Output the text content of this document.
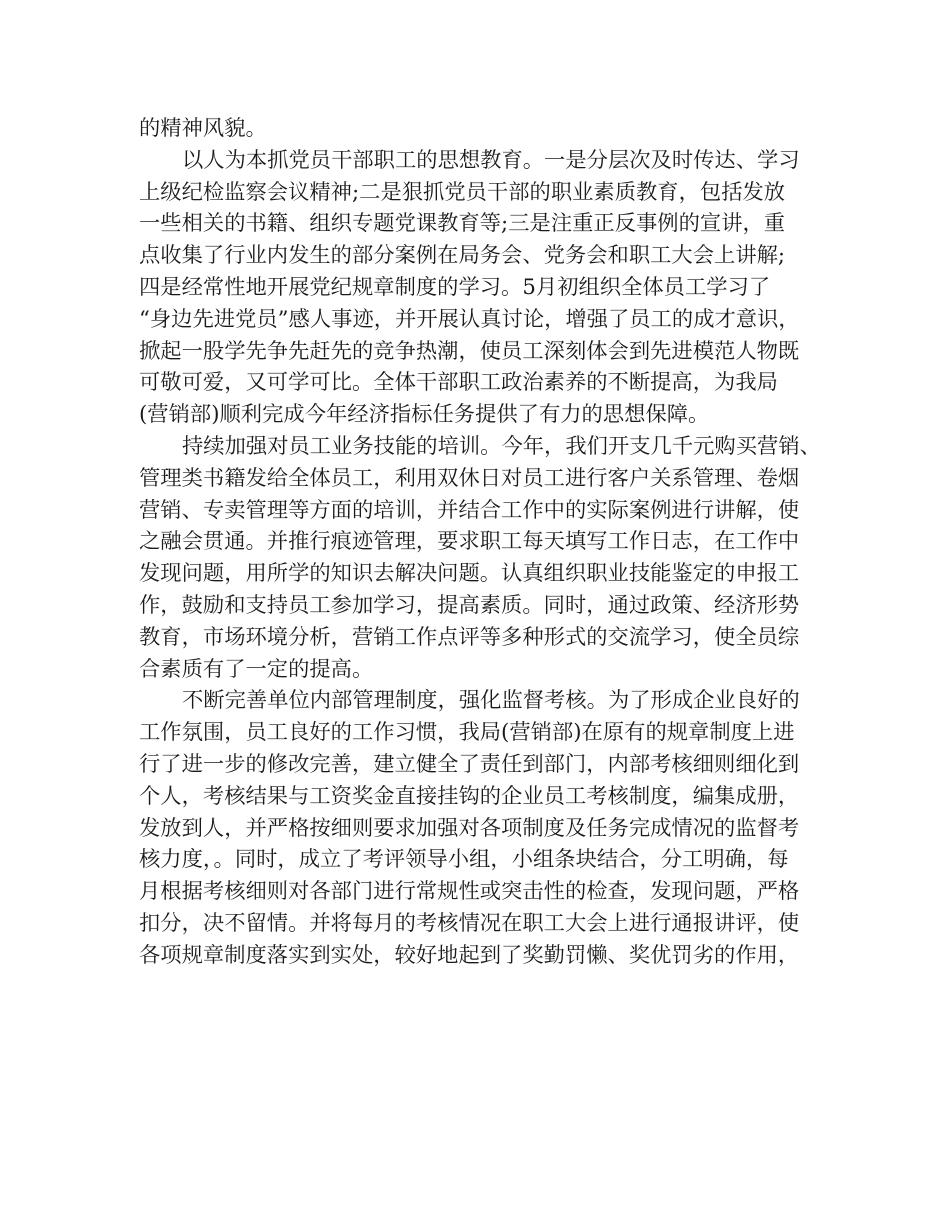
的精神风貌。
以人为本抓党员干部职工的思想教育。一是分层次及时传达、学习
上级纪检监察会议精神;二是狠抓党员干部的职业素质教育，包括发放
一些相关的书籍、组织专题党课教育等;三是注重正反事例的宣讲，重
点收集了行业内发生的部分案例在局务会、党务会和职工大会上讲解;
四是经常性地开展党纪规章制度的学习。5月初组织全体员工学习了
“身边先进党员”感人事迹，并开展认真讨论，增强了员工的成才意识，
掀起一股学先争先赶先的竞争热潮，使员工深刻体会到先进模范人物既
可敬可爱，又可学可比。全体干部职工政治素养的不断提高，为我局
(营销部)顺利完成今年经济指标任务提供了有力的思想保障。
持续加强对员工业务技能的培训。今年，我们开支几千元购买营销、
管理类书籍发给全体员工，利用双休日对员工进行客户关系管理、卷烟
营销、专卖管理等方面的培训，并结合工作中的实际案例进行讲解，使
之融会贯通。并推行痕迹管理，要求职工每天填写工作日志，在工作中
发现问题，用所学的知识去解决问题。认真组织职业技能鉴定的申报工
作，鼓励和支持员工参加学习，提高素质。同时，通过政策、经济形势
教育，市场环境分析，营销工作点评等多种形式的交流学习，使全员综
合素质有了一定的提高。
不断完善单位内部管理制度，强化监督考核。为了形成企业良好的
工作氛围，员工良好的工作习惯，我局(营销部)在原有的规章制度上进
行了进一步的修改完善，建立健全了责任到部门，内部考核细则细化到
个人，考核结果与工资奖金直接挂钩的企业员工考核制度，编集成册，
发放到人，并严格按细则要求加强对各项制度及任务完成情况的监督考
核力度，。同时，成立了考评领导小组，小组条块结合，分工明确，每
月根据考核细则对各部门进行常规性或突击性的检查，发现问题，严格
扣分，决不留情。并将每月的考核情况在职工大会上进行通报讲评，使
各项规章制度落实到实处，较好地起到了奖勤罚懒、奖优罚劣的作用，
